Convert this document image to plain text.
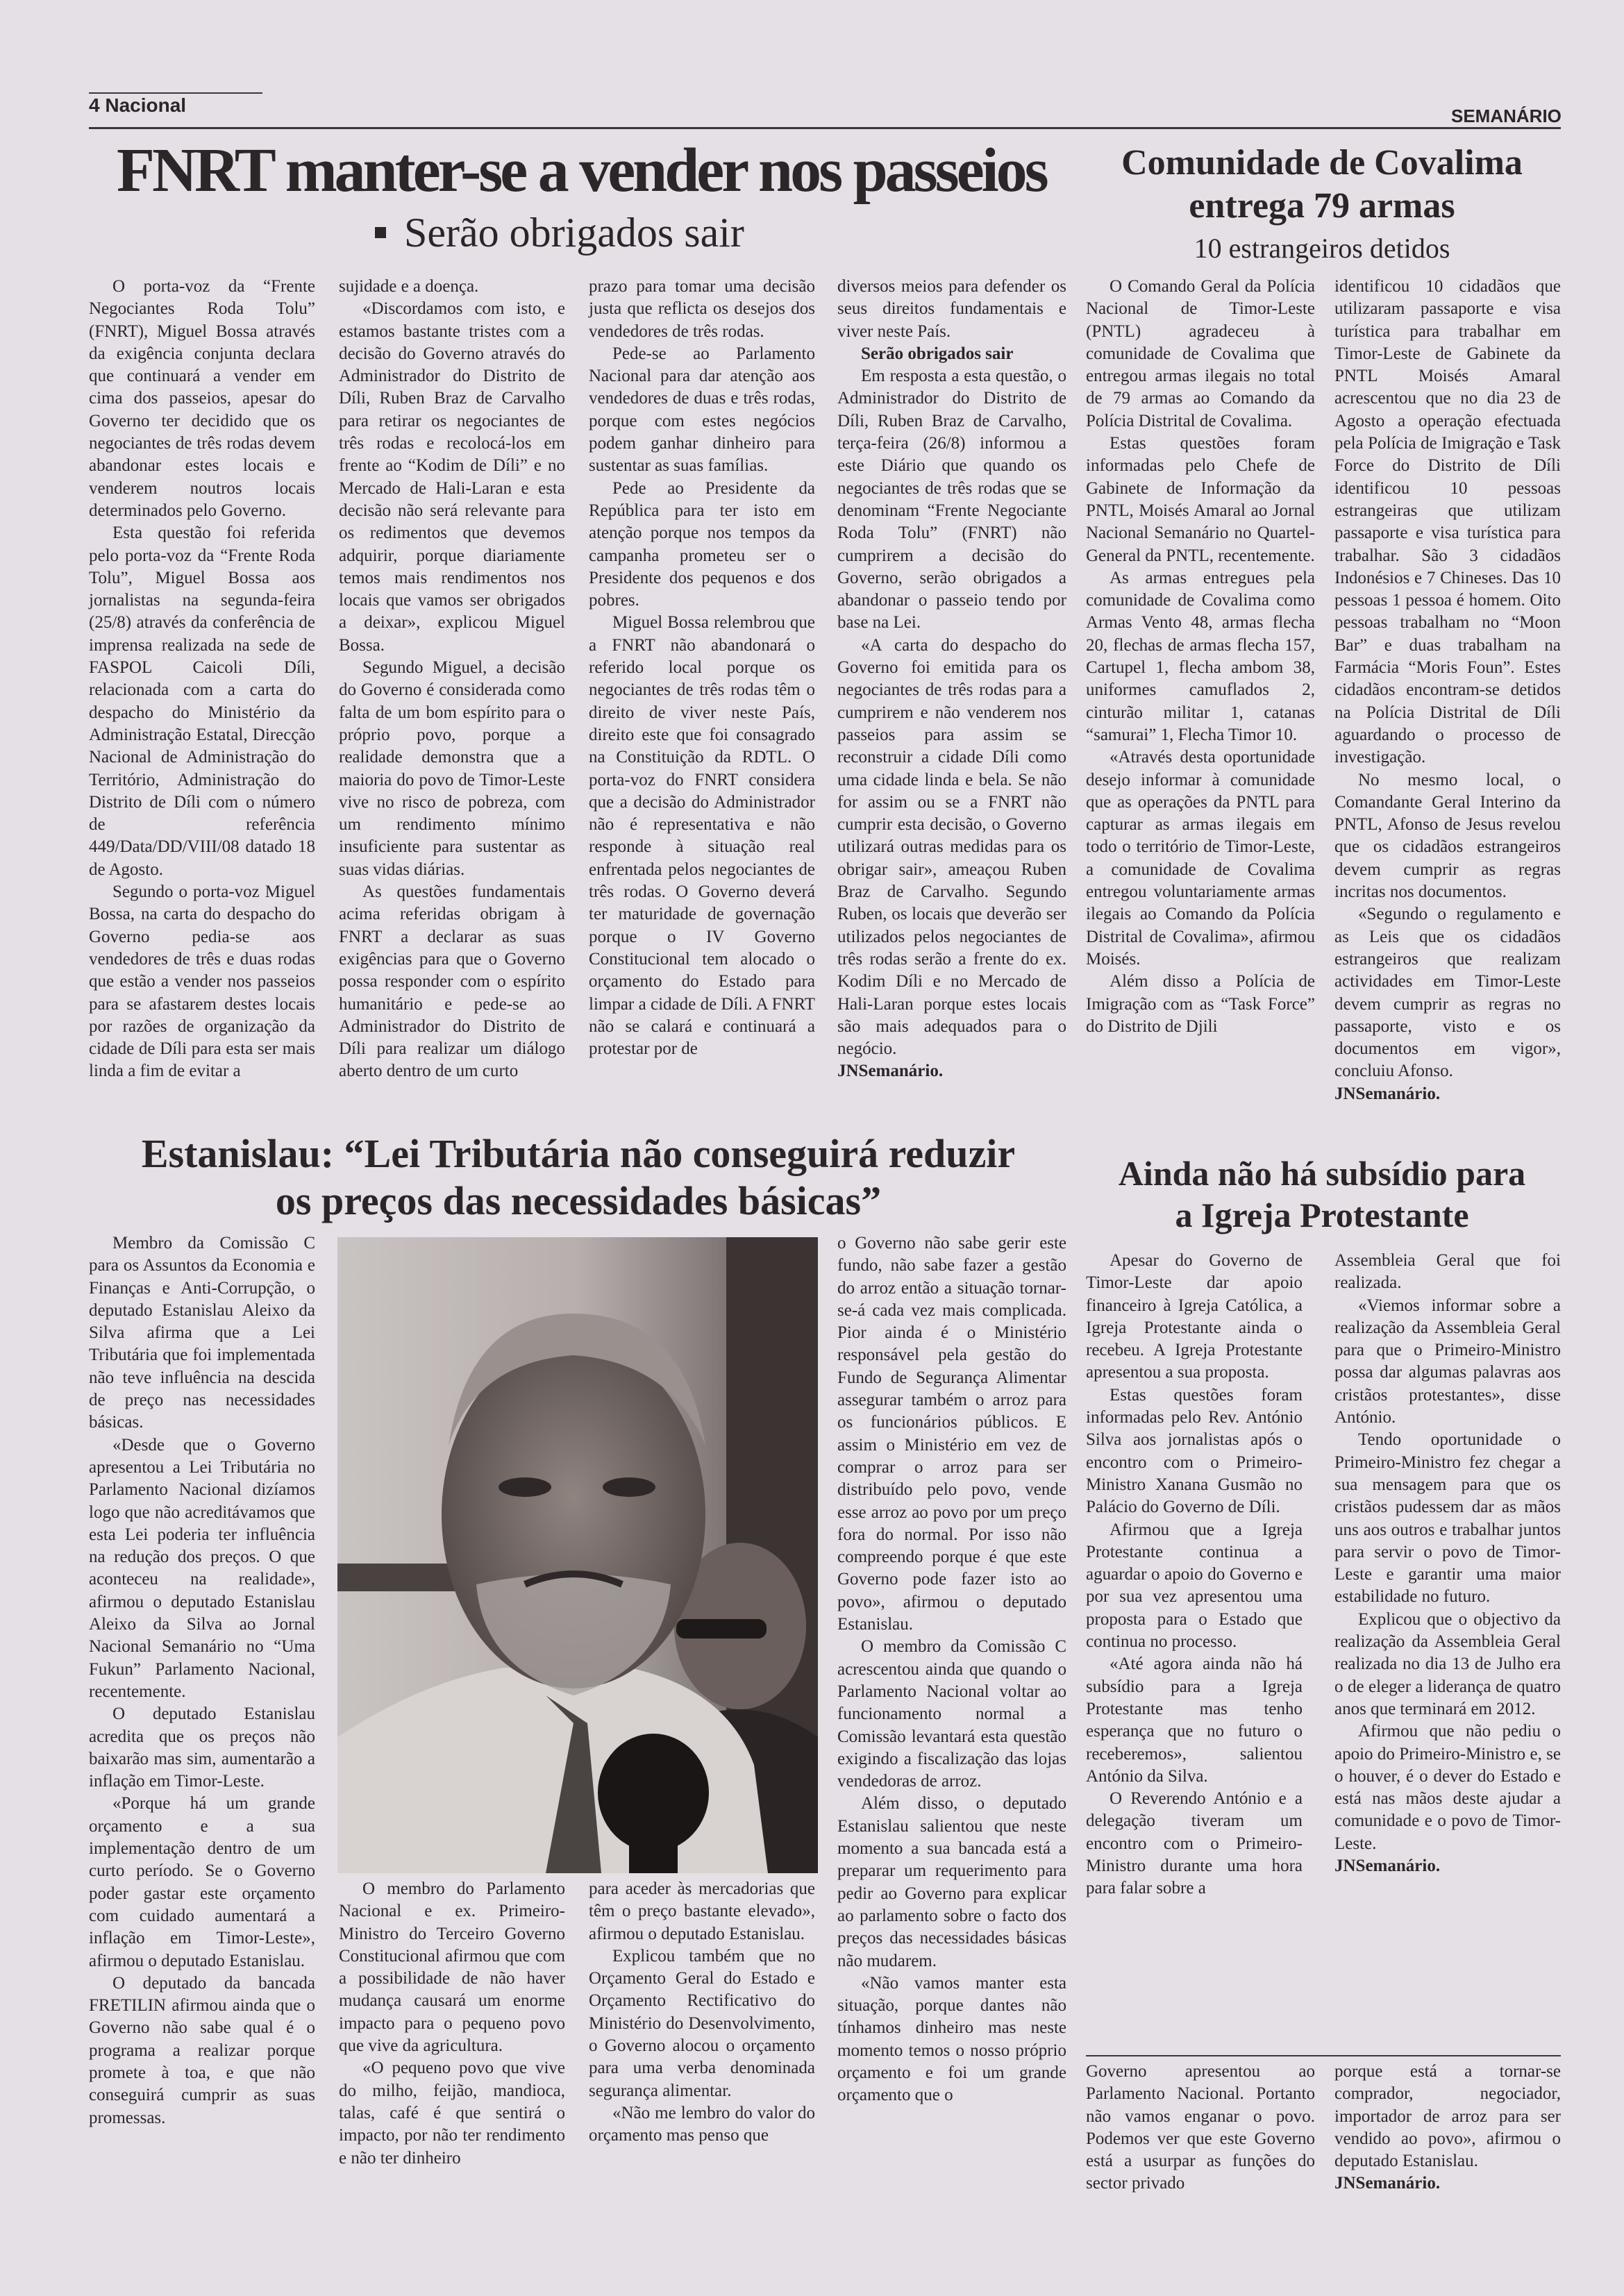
4 Nacional	SEMANÁRIO
FNRT manter-se a vender nos passeios
Serão obrigados sair

O porta-voz da “Frente Negociantes Roda Tolu” (FNRT), Miguel Bossa através da exigência conjunta declara que continuará a vender em cima dos passeios, apesar do Governo ter decidido que os negociantes de três rodas devem abandonar estes locais e venderem noutros locais determinados pelo Governo.

Esta questão foi referida pelo porta-voz da “Frente Roda Tolu”, Miguel Bossa aos jornalistas na segunda-feira (25/8) através da conferência de imprensa realizada na sede de FASPOL Caicoli Díli, relacionada com a carta do despacho do Ministério da Administração Estatal, Direcção Nacional de Administração do Território, Administração do Distrito de Díli com o número de referência 449/Data/DD/VIII/08 datado 18 de Agosto.

Segundo o porta-voz Miguel Bossa, na carta do despacho do Governo pedia-se aos vendedores de três e duas rodas que estão a vender nos passeios para se afastarem destes locais por razões de organização da cidade de Díli para esta ser mais linda a fim de evitar a

sujidade e a doença.

«Discordamos com isto, e estamos bastante tristes com a decisão do Governo através do Administrador do Distrito de Díli, Ruben Braz de Carvalho para retirar os negociantes de três rodas e recolocá-los em frente ao “Kodim de Díli” e no Mercado de Hali-Laran e esta decisão não será relevante para os redimentos que devemos adquirir, porque diariamente temos mais rendimentos nos locais que vamos ser obrigados a deixar», explicou Miguel Bossa.

Segundo Miguel, a decisão do Governo é considerada como falta de um bom espírito para o próprio povo, porque a realidade demonstra que a maioria do povo de Timor-Leste vive no risco de pobreza, com um rendimento mínimo insuficiente para sustentar as suas vidas diárias.

As questões fundamentais acima referidas obrigam à FNRT a declarar as suas exigências para que o Governo possa responder com o espírito humanitário e pede-se ao Administrador do Distrito de Díli para realizar um diálogo aberto dentro de um curto

prazo para tomar uma decisão justa que reflicta os desejos dos vendedores de três rodas.

Pede-se ao Parlamento Nacional para dar atenção aos vendedores de duas e três rodas, porque com estes negócios podem ganhar dinheiro para sustentar as suas famílias.

Pede ao Presidente da República para ter isto em atenção porque nos tempos da campanha prometeu ser o Presidente dos pequenos e dos pobres.

Miguel Bossa relembrou que a FNRT não abandonará o referido local porque os negociantes de três rodas têm o direito de viver neste País, direito este que foi consagrado na Constituição da RDTL. O porta-voz do FNRT considera que a decisão do Administrador não é representativa e não responde à situação real enfrentada pelos negociantes de três rodas. O Governo deverá ter maturidade de governação porque o IV Governo Constitucional tem alocado o orçamento do Estado para limpar a cidade de Díli. A FNRT não se calará e continuará a protestar por de

diversos meios para defender os seus direitos fundamentais e viver neste País.

Serão obrigados sair

Em resposta a esta questão, o Administrador do Distrito de Díli, Ruben Braz de Carvalho, terça-feira (26/8) informou a este Diário que quando os negociantes de três rodas que se denominam “Frente Negociante Roda Tolu” (FNRT) não cumprirem a decisão do Governo, serão obrigados a abandonar o passeio tendo por base na Lei.

«A carta do despacho do Governo foi emitida para os negociantes de três rodas para a cumprirem e não venderem nos passeios para assim se reconstruir a cidade Díli como uma cidade linda e bela. Se não for assim ou se a FNRT não cumprir esta decisão, o Governo utilizará outras medidas para os obrigar sair», ameaçou Ruben Braz de Carvalho. Segundo Ruben, os locais que deverão ser utilizados pelos negociantes de três rodas serão a frente do ex. Kodim Díli e no Mercado de Hali-Laran porque estes locais são mais adequados para o negócio.

JNSemanário.

Comunidade de Covalima
entrega 79 armas
10 estrangeiros detidos

O Comando Geral da Polícia Nacional de Timor-Leste (PNTL) agradeceu à comunidade de Covalima que entregou armas ilegais no total de 79 armas ao Comando da Polícia Distrital de Covalima.

Estas questões foram informadas pelo Chefe de Gabinete de Informação da PNTL, Moisés Amaral ao Jornal Nacional Semanário no Quartel-General da PNTL, recentemente.

As armas entregues pela comunidade de Covalima como Armas Vento 48, armas flecha 20, flechas de armas flecha 157, Cartupel 1, flecha ambom 38, uniformes camuflados 2, cinturão militar 1, catanas “samurai” 1, Flecha Timor 10.

«Através desta oportunidade desejo informar à comunidade que as operações da PNTL para capturar as armas ilegais em todo o território de Timor-Leste, a comunidade de Covalima entregou voluntariamente armas ilegais ao Comando da Polícia Distrital de Covalima», afirmou Moisés.

Além disso a Polícia de Imigração com as “Task Force” do Distrito de Djili

identificou 10 cidadãos que utilizaram passaporte e visa turística para trabalhar em Timor-Leste de Gabinete da PNTL Moisés Amaral acrescentou que no dia 23 de Agosto a operação efectuada pela Polícia de Imigração e Task Force do Distrito de Díli identificou 10 pessoas estrangeiras que utilizam passaporte e visa turística para trabalhar. São 3 cidadãos Indonésios e 7 Chineses. Das 10 pessoas 1 pessoa é homem. Oito pessoas trabalham no “Moon Bar” e duas trabalham na Farmácia “Moris Foun”. Estes cidadãos encontram-se detidos na Polícia Distrital de Díli aguardando o processo de investigação.

No mesmo local, o Comandante Geral Interino da PNTL, Afonso de Jesus revelou que os cidadãos estrangeiros devem cumprir as regras incritas nos documentos.

«Segundo o regulamento e as Leis que os cidadãos estrangeiros que realizam actividades em Timor-Leste devem cumprir as regras no passaporte, visto e os documentos em vigor», concluiu Afonso.

JNSemanário.

Estanislau: “Lei Tributária não conseguirá reduzir
os preços das necessidades básicas”

Membro da Comissão C para os Assuntos da Economia e Finanças e Anti-Corrupção, o deputado Estanislau Aleixo da Silva afirma que a Lei Tributária que foi implementada não teve influência na descida de preço nas necessidades básicas.

«Desde que o Governo apresentou a Lei Tributária no Parlamento Nacional dizíamos logo que não acreditávamos que esta Lei poderia ter influência na redução dos preços. O que aconteceu na realidade», afirmou o deputado Estanislau Aleixo da Silva ao Jornal Nacional Semanário no “Uma Fukun” Parlamento Nacional, recentemente.

O deputado Estanislau acredita que os preços não baixarão mas sim, aumentarão a inflação em Timor-Leste.

«Porque há um grande orçamento e a sua implementação dentro de um curto período. Se o Governo poder gastar este orçamento com cuidado aumentará a inflação em Timor-Leste», afirmou o deputado Estanislau.

O deputado da bancada FRETILIN afirmou ainda que o Governo não sabe qual é o programa a realizar porque promete à toa, e que não conseguirá cumprir as suas promessas.

O membro do Parlamento Nacional e ex. Primeiro-Ministro do Terceiro Governo Constitucional afirmou que com a possibilidade de não haver mudança causará um enorme impacto para o pequeno povo que vive da agricultura.

«O pequeno povo que vive do milho, feijão, mandioca, talas, café é que sentirá o impacto, por não ter rendimento e não ter dinheiro

para aceder às mercadorias que têm o preço bastante elevado», afirmou o deputado Estanislau.

Explicou também que no Orçamento Geral do Estado e Orçamento Rectificativo do Ministério do Desenvolvimento, o Governo alocou o orçamento para uma verba denominada segurança alimentar.

«Não me lembro do valor do orçamento mas penso que

o Governo não sabe gerir este fundo, não sabe fazer a gestão do arroz então a situação tornar-se-á cada vez mais complicada. Pior ainda é o Ministério responsável pela gestão do Fundo de Segurança Alimentar assegurar também o arroz para os funcionários públicos. E assim o Ministério em vez de comprar o arroz para ser distribuído pelo povo, vende esse arroz ao povo por um preço fora do normal. Por isso não compreendo porque é que este Governo pode fazer isto ao povo», afirmou o deputado Estanislau.

O membro da Comissão C acrescentou ainda que quando o Parlamento Nacional voltar ao funcionamento normal a Comissão levantará esta questão exigindo a fiscalização das lojas vendedoras de arroz.

Além disso, o deputado Estanislau salientou que neste momento a sua bancada está a preparar um requerimento para pedir ao Governo para explicar ao parlamento sobre o facto dos preços das necessidades básicas não mudarem.

«Não vamos manter esta situação, porque dantes não tínhamos dinheiro mas neste momento temos o nosso próprio orçamento e foi um grande orçamento que o

Ainda não há subsídio para
a Igreja Protestante

Apesar do Governo de Timor-Leste dar apoio financeiro à Igreja Católica, a Igreja Protestante ainda o recebeu. A Igreja Protestante apresentou a sua proposta.

Estas questões foram informadas pelo Rev. António Silva aos jornalistas após o encontro com o Primeiro-Ministro Xanana Gusmão no Palácio do Governo de Díli.

Afirmou que a Igreja Protestante continua a aguardar o apoio do Governo e por sua vez apresentou uma proposta para o Estado que continua no processo.

«Até agora ainda não há subsídio para a Igreja Protestante mas tenho esperança que no futuro o receberemos», salientou António da Silva.

O Reverendo António e a delegação tiveram um encontro com o Primeiro-Ministro durante uma hora para falar sobre a

Assembleia Geral que foi realizada.

«Viemos informar sobre a realização da Assembleia Geral para que o Primeiro-Ministro possa dar algumas palavras aos cristãos protestantes», disse António.

Tendo oportunidade o Primeiro-Ministro fez chegar a sua mensagem para que os cristãos pudessem dar as mãos uns aos outros e trabalhar juntos para servir o povo de Timor-Leste e garantir uma maior estabilidade no futuro.

Explicou que o objectivo da realização da Assembleia Geral realizada no dia 13 de Julho era o de eleger a liderança de quatro anos que terminará em 2012.

Afirmou que não pediu o apoio do Primeiro-Ministro e, se o houver, é o dever do Estado e está nas mãos deste ajudar a comunidade e o povo de Timor-Leste.

JNSemanário.

Governo apresentou ao Parlamento Nacional. Portanto não vamos enganar o povo. Podemos ver que este Governo está a usurpar as funções do sector privado

porque está a tornar-se comprador, negociador, importador de arroz para ser vendido ao povo», afirmou o deputado Estanislau.

JNSemanário.
